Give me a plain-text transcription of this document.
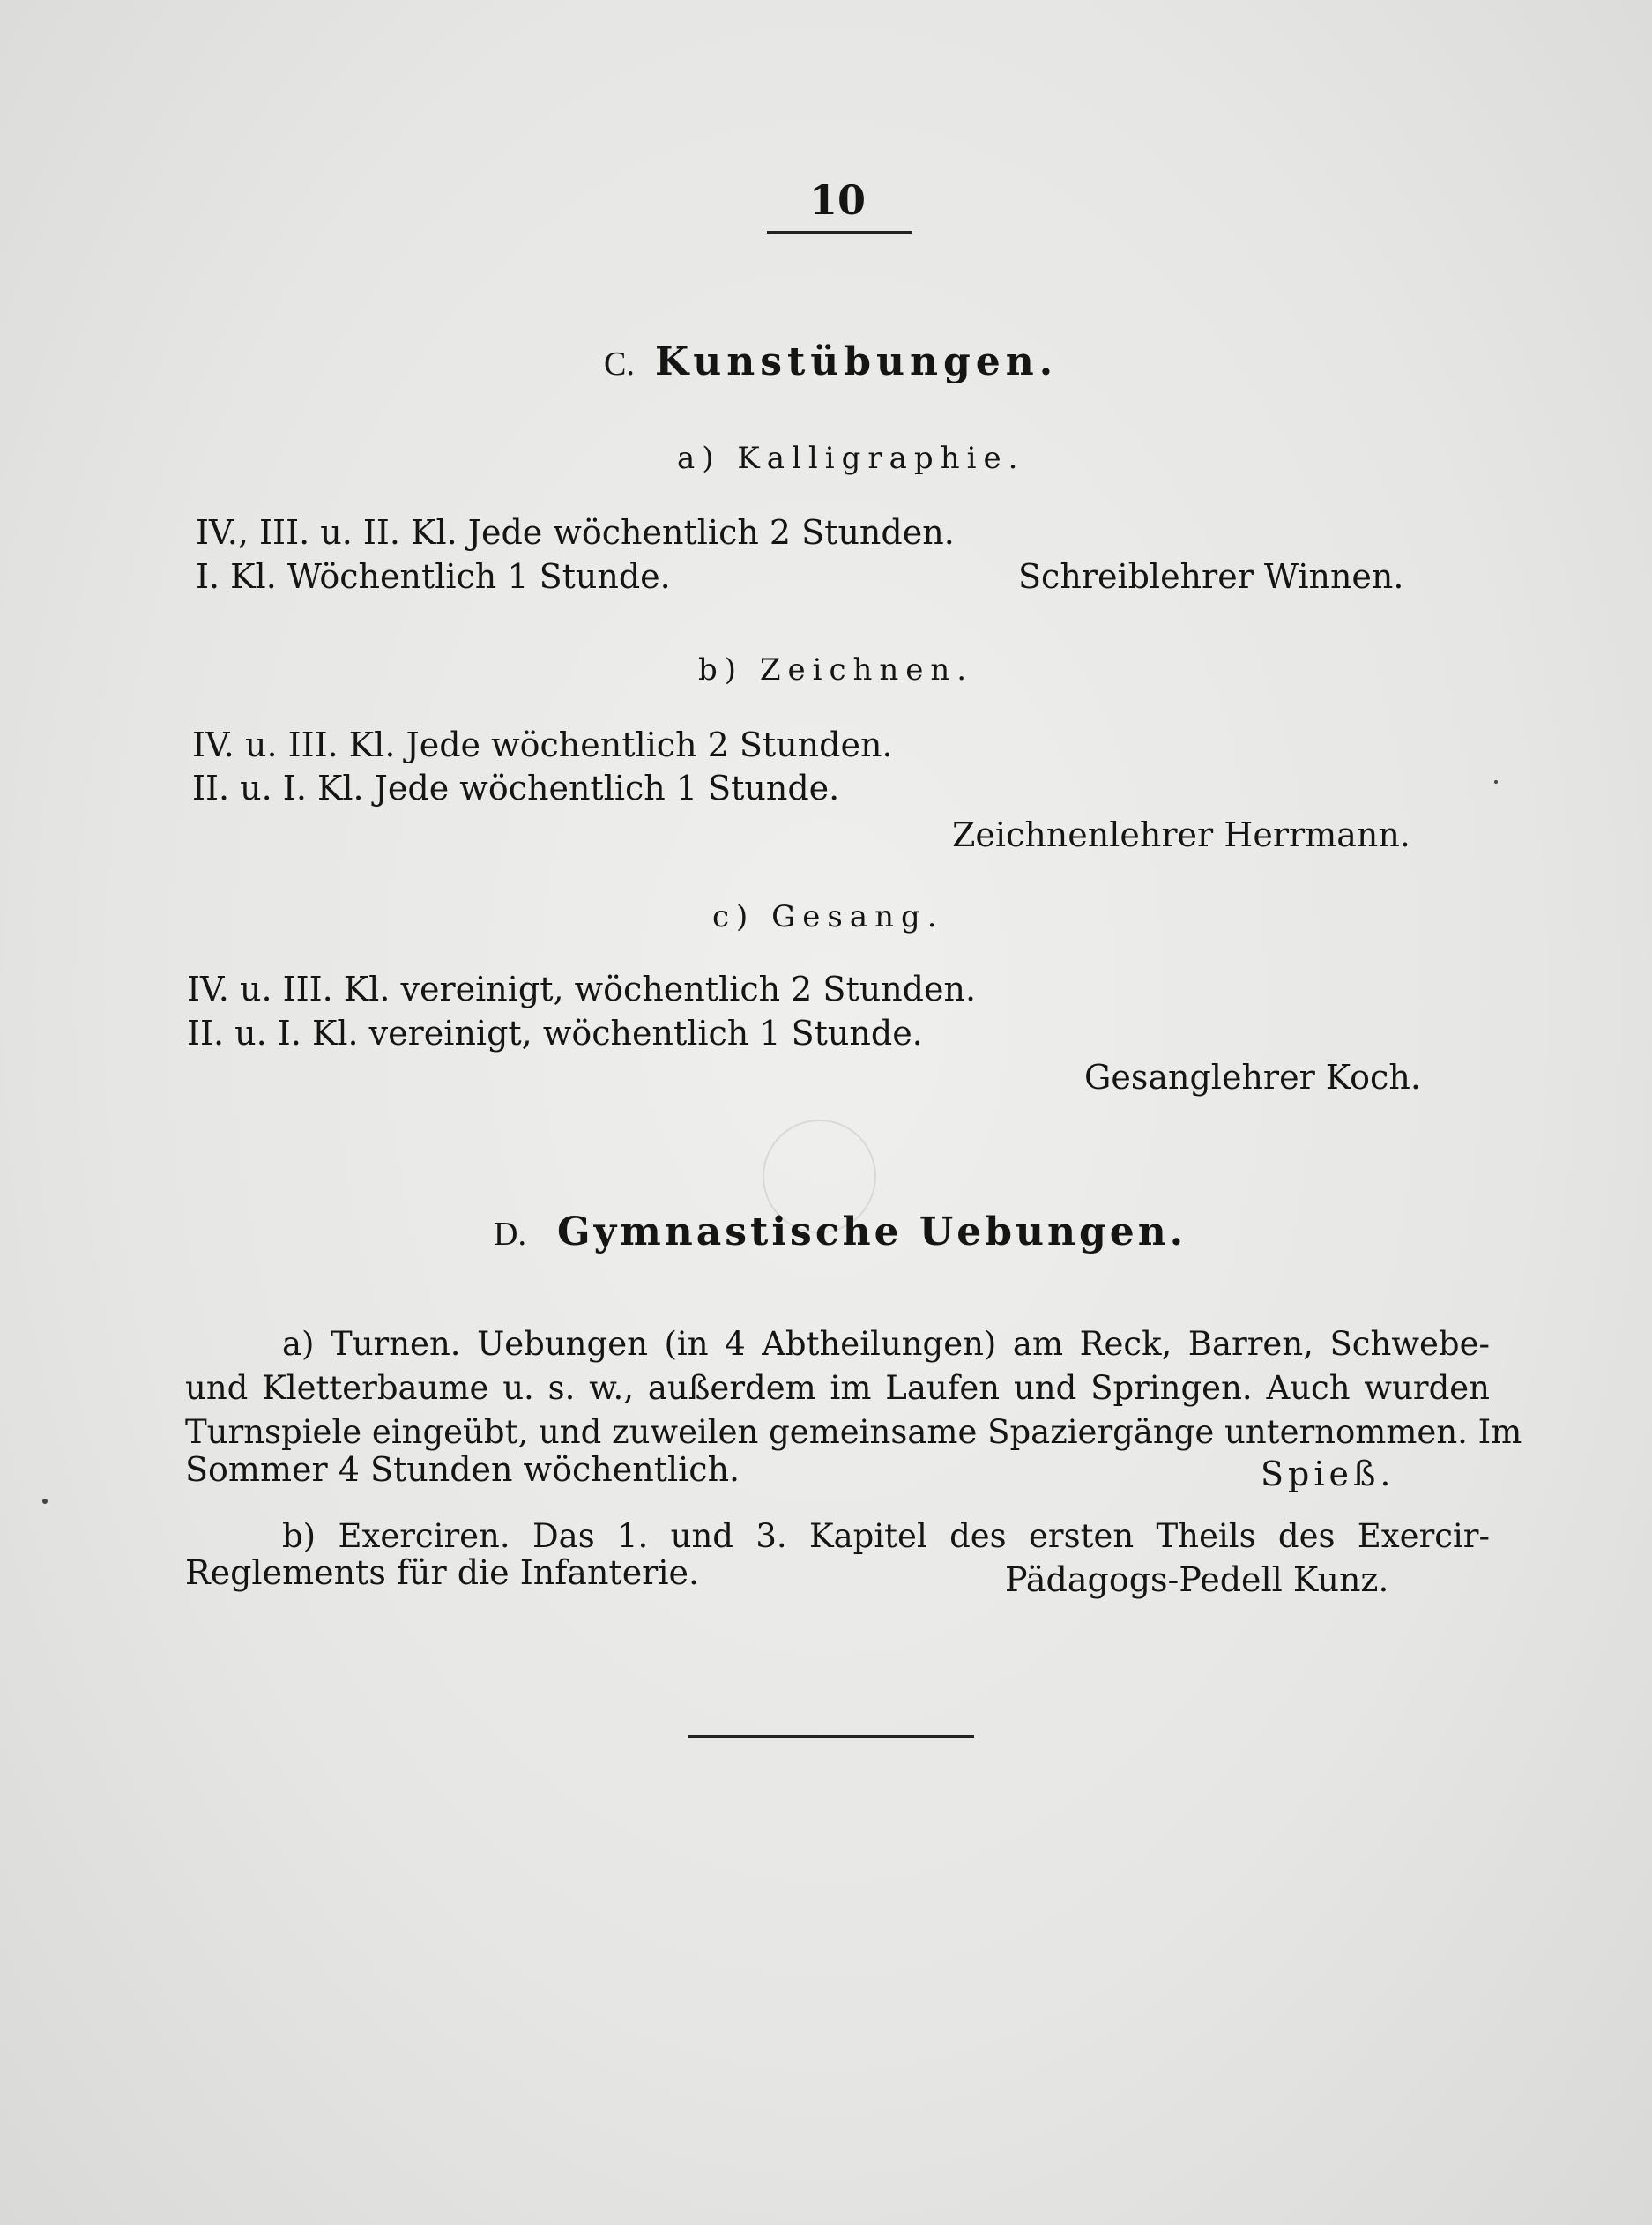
10
C. Kunstübungen.
a) Kalligraphie.
IV., III. u. II. Kl. Jede wöchentlich 2 Stunden.
I. Kl. Wöchentlich 1 Stunde.	Schreiblehrer Winnen.
b) Zeichnen.
IV. u. III. Kl. Jede wöchentlich 2 Stunden.
II. u. I. Kl. Jede wöchentlich 1 Stunde.
Zeichnenlehrer Herrmann.
c) Gesang.
IV. u. III. Kl. vereinigt, wöchentlich 2 Stunden.
II. u. I. Kl. vereinigt, wöchentlich 1 Stunde.
Gesanglehrer Koch.
D. Gymnastische Uebungen.
a) Turnen. Uebungen (in 4 Abtheilungen) am Reck, Barren, Schwebe-
und Kletterbaume u. s. w., außerdem im Laufen und Springen. Auch wurden
Turnspiele eingeübt, und zuweilen gemeinsame Spaziergänge unternommen. Im
Sommer 4 Stunden wöchentlich.	Spieß.
b) Exerciren. Das 1. und 3. Kapitel des ersten Theils des Exercir-
Reglements für die Infanterie.	Pädagogs-Pedell Kunz.
